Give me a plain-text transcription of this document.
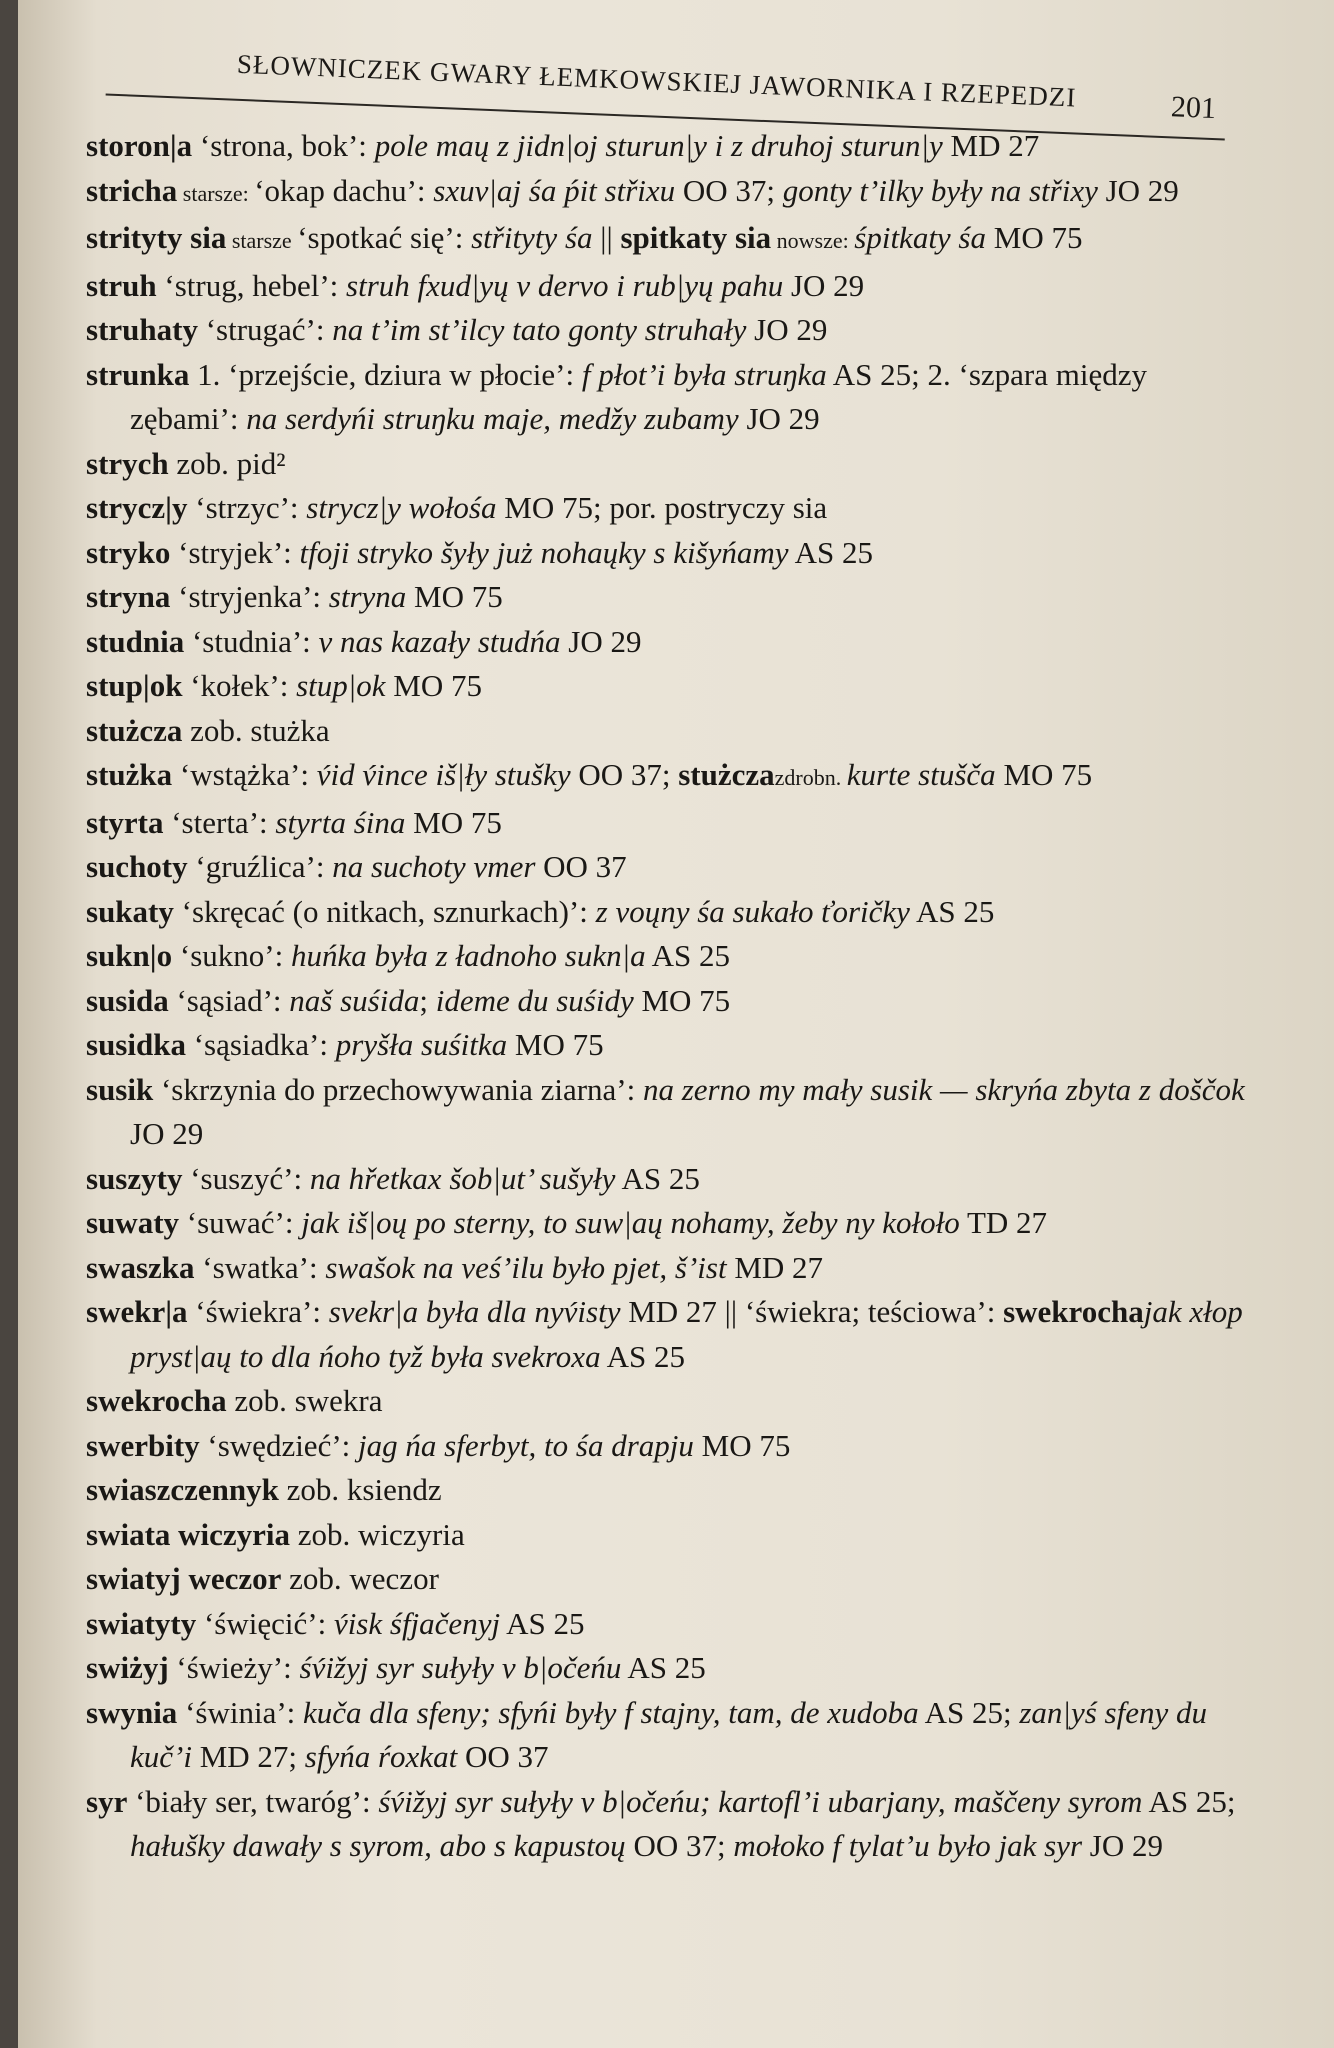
SŁOWNICZEK GWARY ŁEMKOWSKIEJ JAWORNIKA I RZEPEDZI	201

storon|a ‘strona, bok’: pole maų z jidn|oj sturun|y i z druhoj sturun|y MD 27

stricha starsze: ‘okap dachu’: sxuv|aj śa ṕit střixu OO 37; gonty t’ilky były na střixy JO 29

strityty sia starsze ‘spotkać się’: střityty śa || spitkaty sia nowsze: śpitkaty śa MO 75

struh ‘strug, hebel’: struh fxud|yų v dervo i rub|yų pahu JO 29

struhaty ‘strugać’: na t’im st’ilcy tato gonty struhały JO 29

strunka 1. ‘przejście, dziura w płocie’: f płot’i była struŋka AS 25; 2. ‘szpara między zębami’: na serdyńi struŋku maje, medžy zubamy JO 29

strych zob. pid²

strycz|y ‘strzyc’: strycz|y wołośa MO 75; por. postryczy sia

stryko ‘stryjek’: tfoji stryko šyły już nohaųky s kišyńamy AS 25

stryna ‘stryjenka’: stryna MO 75

studnia ‘studnia’: v nas kazały studńa JO 29

stup|ok ‘kołek’: stup|ok MO 75

stużcza zob. stużka

stużka ‘wstążka’: v́id v́ince iš|ły stušky OO 37; stużczazdrobn. kurte stušča MO 75

styrta ‘sterta’: styrta śina MO 75

suchoty ‘gruźlica’: na suchoty vmer OO 37

sukaty ‘skręcać (o nitkach, sznurkach)’: z voųny śa sukało ťoričky AS 25

sukn|o ‘sukno’: huńka była z ładnoho sukn|a AS 25

susida ‘sąsiad’: naš suśida; ideme du suśidy MO 75

susidka ‘sąsiadka’: pryšła suśitka MO 75

susik ‘skrzynia do przechowywania ziarna’: na zerno my mały susik — skryńa zbyta z doščok JO 29

suszyty ‘suszyć’: na hřetkax šob|ut’ sušyły AS 25

suwaty ‘suwać’: jak iš|oų po sterny, to suw|aų nohamy, žeby ny kołoło TD 27

swaszka ‘swatka’: swašok na veś’ilu było pjet, š’ist MD 27

swekr|a ‘świekra’: svekr|a była dla nyv́isty MD 27 || ‘świekra; teściowa’: swekrochajak xłop pryst|aų to dla ńoho tyž była svekroxa AS 25

swekrocha zob. swekra

swerbity ‘swędzieć’: jag ńa sferbyt, to śa drapju MO 75

swiaszczennyk zob. ksiendz

swiata wiczyria zob. wiczyria

swiatyj weczor zob. weczor

swiatyty ‘święcić’: v́isk śfjačenyj AS 25

swiżyj ‘świeży’: śv́ižyj syr sułyły v b|očeńu AS 25

swynia ‘świnia’: kuča dla sfeny; sfyńi były f stajny, tam, de xudoba AS 25; zan|yś sfeny du kuč’i MD 27; sfyńa ŕoxkat OO 37

syr ‘biały ser, twaróg’: śv́ižyj syr sułyły v b|očeńu; kartofl’i ubarjany, maščeny syrom AS 25; hałuškу dawały s syrom, abo s kapustoų OO 37; mołoko f tylat’u było jak syr JO 29
